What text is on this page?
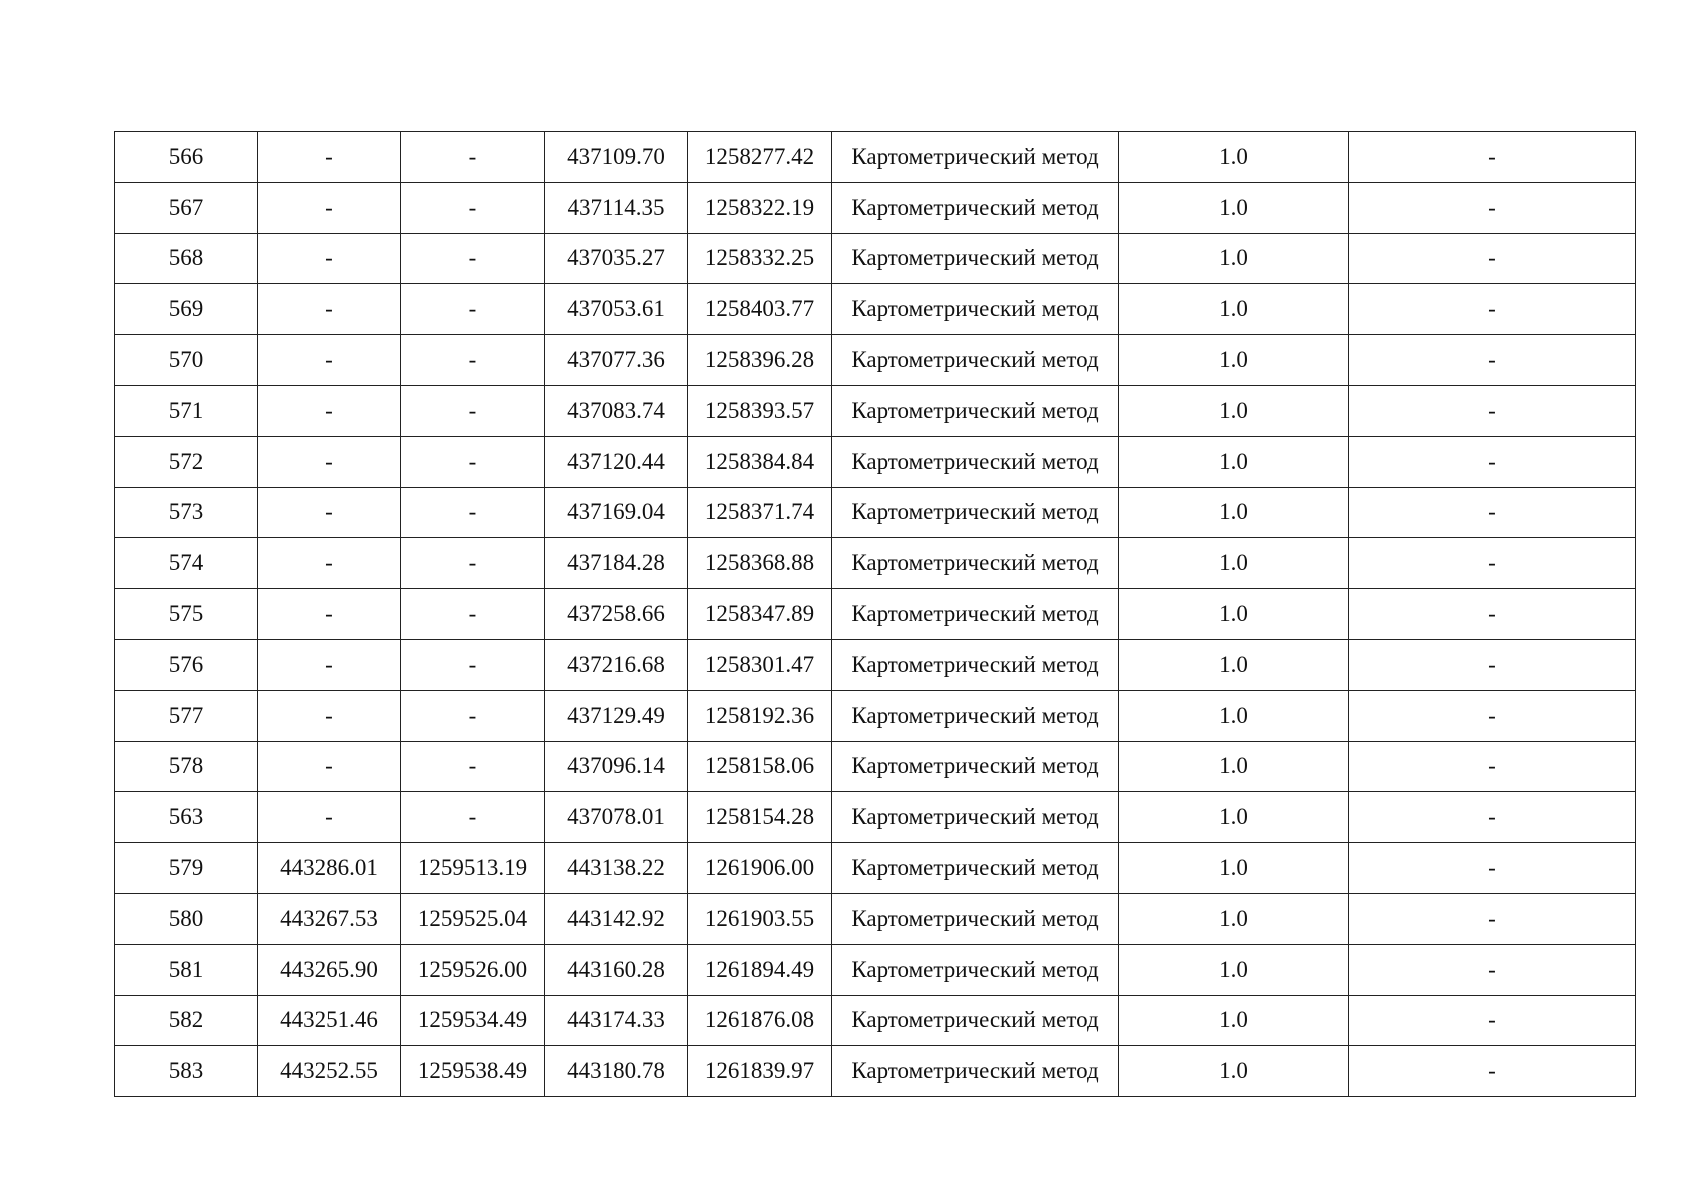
566	-	-	437109.70	1258277.42	Картометрический метод	1.0	-
567	-	-	437114.35	1258322.19	Картометрический метод	1.0	-
568	-	-	437035.27	1258332.25	Картометрический метод	1.0	-
569	-	-	437053.61	1258403.77	Картометрический метод	1.0	-
570	-	-	437077.36	1258396.28	Картометрический метод	1.0	-
571	-	-	437083.74	1258393.57	Картометрический метод	1.0	-
572	-	-	437120.44	1258384.84	Картометрический метод	1.0	-
573	-	-	437169.04	1258371.74	Картометрический метод	1.0	-
574	-	-	437184.28	1258368.88	Картометрический метод	1.0	-
575	-	-	437258.66	1258347.89	Картометрический метод	1.0	-
576	-	-	437216.68	1258301.47	Картометрический метод	1.0	-
577	-	-	437129.49	1258192.36	Картометрический метод	1.0	-
578	-	-	437096.14	1258158.06	Картометрический метод	1.0	-
563	-	-	437078.01	1258154.28	Картометрический метод	1.0	-
579	443286.01	1259513.19	443138.22	1261906.00	Картометрический метод	1.0	-
580	443267.53	1259525.04	443142.92	1261903.55	Картометрический метод	1.0	-
581	443265.90	1259526.00	443160.28	1261894.49	Картометрический метод	1.0	-
582	443251.46	1259534.49	443174.33	1261876.08	Картометрический метод	1.0	-
583	443252.55	1259538.49	443180.78	1261839.97	Картометрический метод	1.0	-
